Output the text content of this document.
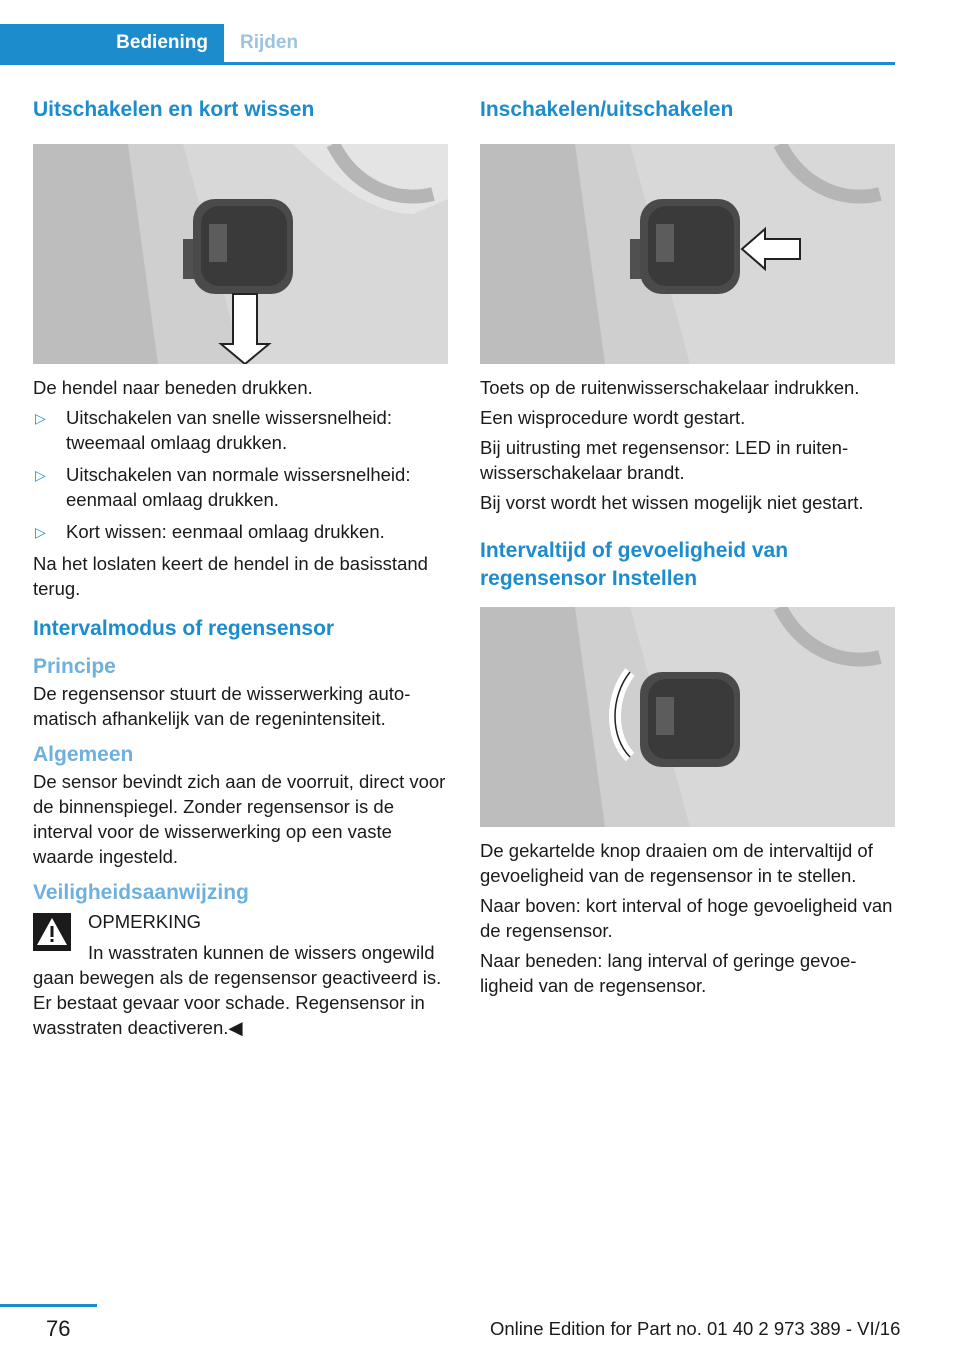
Bediening	Rijden
Uitschakelen en kort wissen

De hendel naar beneden drukken.

▷ Uitschakelen van snelle wissersnelheid: tweemaal omlaag drukken.
▷ Uitschakelen van normale wissersnelheid: eenmaal omlaag drukken.
▷ Kort wissen: eenmaal omlaag drukken.

Na het loslaten keert de hendel in de basisstand terug.

Intervalmodus of regensensor
Principe

De regensensor stuurt de wisserwerking automatisch afhankelijk van de regenintensiteit.

Algemeen

De sensor bevindt zich aan de voorruit, direct voor de binnenspiegel. Zonder regensensor is de interval voor de wisserwerking op een vaste waarde ingesteld.

Veiligheidsaanwijzing

OPMERKING

In wasstraten kunnen de wissers ongewild gaan bewegen als de regensensor geactiveerd is. Er bestaat gevaar voor schade. Regensensor in wasstraten deactiveren.◀

Inschakelen/uitschakelen

Toets op de ruitenwisserschakelaar indrukken.

Een wisprocedure wordt gestart.

Bij uitrusting met regensensor: LED in ruitenwisserschakelaar brandt.

Bij vorst wordt het wissen mogelijk niet gestart.

Intervaltijd of gevoeligheid van regensensor Instellen

De gekartelde knop draaien om de intervaltijd of gevoeligheid van de regensensor in te stellen.

Naar boven: kort interval of hoge gevoeligheid van de regensensor.

Naar beneden: lang interval of geringe gevoeligheid van de regensensor.

76	Online Edition for Part no. 01 40 2 973 389 - VI/16
